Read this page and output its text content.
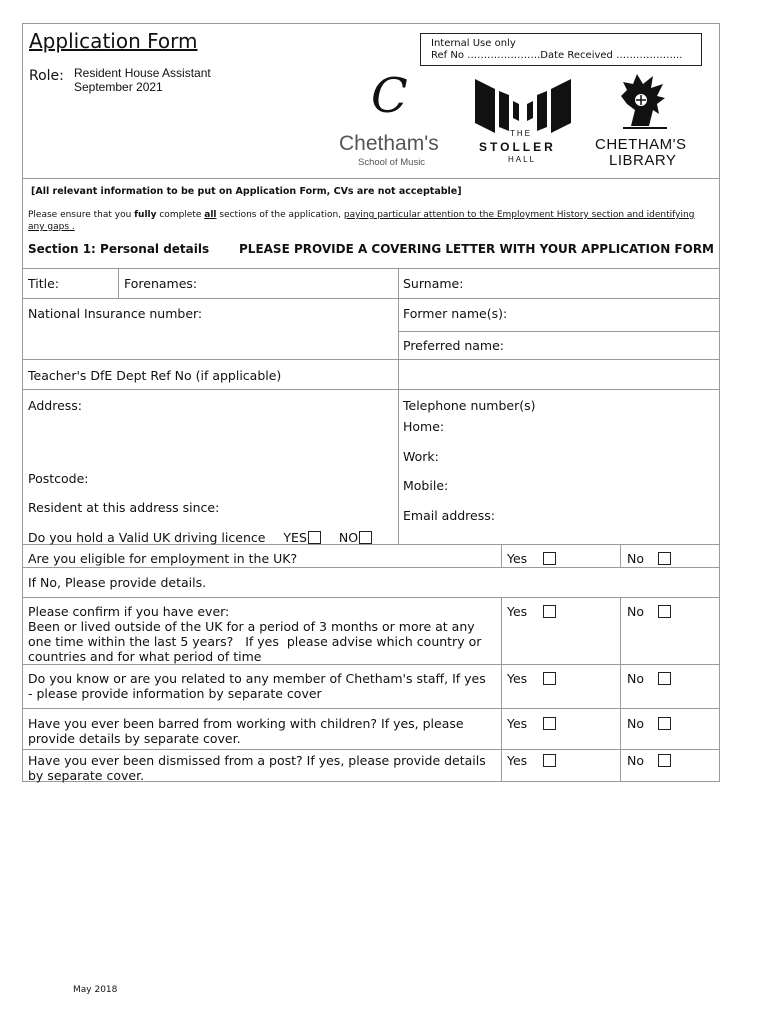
Application Form
Role: Resident House Assistant
September 2021
Internal Use only
Ref No ………………….Date Received ………………..
C
Chetham's
School of Music
THE
STOLLER
HALL
CHETHAM'S
LIBRARY
[All relevant information to be put on Application Form, CVs are not acceptable]
Please ensure that you fully complete all sections of the application, paying particular attention to the Employment History section and identifying any gaps .
Section 1: Personal details PLEASE PROVIDE A COVERING LETTER WITH YOUR APPLICATION FORM
Title:	Forenames:	Surname:
National Insurance number:	Former name(s):
Preferred name:
Teacher's DfE Dept Ref No (if applicable)
Address:
Postcode:
Resident at this address since:
Do you hold a Valid UK driving licence YES	NO
Telephone number(s)
Home:
Work:
Mobile:
Email address:
Are you eligible for employment in the UK?	Yes	No
If No, Please provide details.
Please confirm if you have ever:
Been or lived outside of the UK for a period of 3 months or more at any one time within the last 5 years?   If yes  please advise which country or countries and for what period of time
Yes	No
Do you know or are you related to any member of Chetham's staff, If yes - please provide information by separate cover
Yes	No
Have you ever been barred from working with children? If yes, please provide details by separate cover.
Yes	No
Have you ever been dismissed from a post? If yes, please provide details by separate cover.
Yes	No
May 2018
